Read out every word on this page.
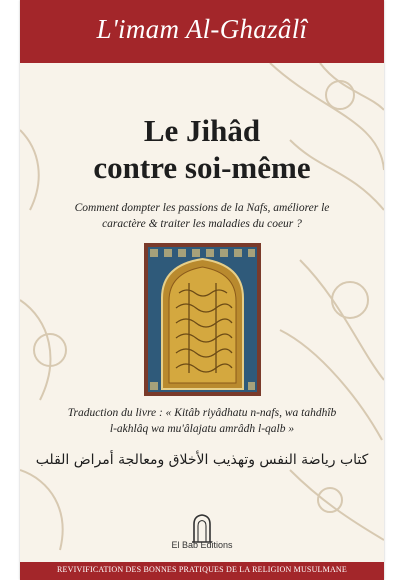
L'imam Al-Ghazâlî
Le Jihâd
contre soi-même
Comment dompter les passions de la Nafs, améliorer le
caractère & traiter les maladies du coeur ?
Traduction du livre : « Kitâb riyâdhatu n-nafs, wa tahdhîb
l-akhlâq wa mu'âlajatu amrâdh l-qalb »
كتاب رياضة النفس وتهذيب الأخلاق ومعالجة أمراض القلب
El Bab Editions
REVIVIFICATION DES BONNES PRATIQUES DE LA RELIGION MUSULMANE
